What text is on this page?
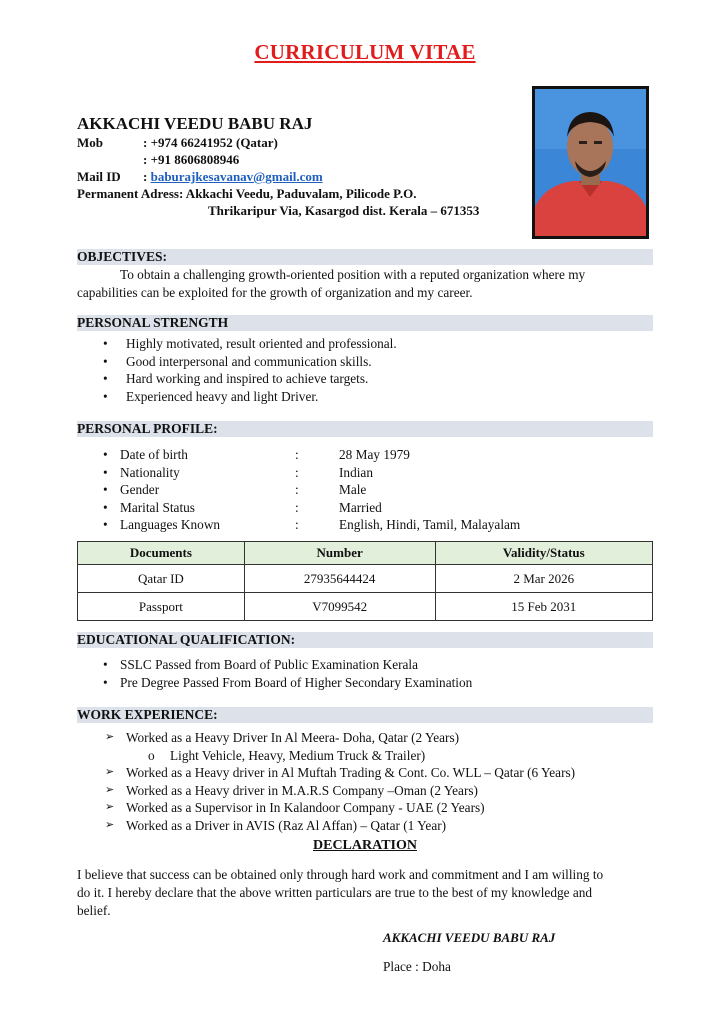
CURRICULUM VITAE
AKKACHI VEEDU BABU RAJ
Mob	: +974 66241952 (Qatar)
: +91 8606808946
Mail ID : baburajkesavanav@gmail.com
Permanent Adress: Akkachi Veedu, Paduvalam, Pilicode P.O.
Thrikaripur Via, Kasargod dist. Kerala – 671353
OBJECTIVES:
To obtain a challenging growth-oriented position with a reputed organization where my
capabilities can be exploited for the growth of organization and my career.
PERSONAL STRENGTH
• Highly motivated, result oriented and professional.
• Good interpersonal and communication skills.
• Hard working and inspired to achieve targets.
• Experienced heavy and light Driver.
PERSONAL PROFILE:
• Date of birth	:	28 May 1979
• Nationality	:	Indian
• Gender	:	Male
• Marital Status	:	Married
• Languages Known	:	English, Hindi, Tamil, Malayalam
Documents	Number	Validity/Status
Qatar ID	27935644424	2 Mar 2026
Passport	V7099542	15 Feb 2031
EDUCATIONAL QUALIFICATION:
• SSLC Passed from Board of Public Examination Kerala
• Pre Degree Passed From Board of Higher Secondary Examination
WORK EXPERIENCE:
➢ Worked as a Heavy Driver In Al Meera- Doha, Qatar (2 Years)
o Light Vehicle, Heavy, Medium Truck & Trailer)
➢ Worked as a Heavy driver in Al Muftah Trading & Cont. Co. WLL – Qatar (6 Years)
➢ Worked as a Heavy driver in M.A.R.S Company –Oman (2 Years)
➢ Worked as a Supervisor in In Kalandoor Company - UAE (2 Years)
➢ Worked as a Driver in AVIS (Raz Al Affan) – Qatar (1 Year)
DECLARATION
I believe that success can be obtained only through hard work and commitment and I am willing to
do it. I hereby declare that the above written particulars are true to the best of my knowledge and
belief.
AKKACHI VEEDU BABU RAJ
Place : Doha
